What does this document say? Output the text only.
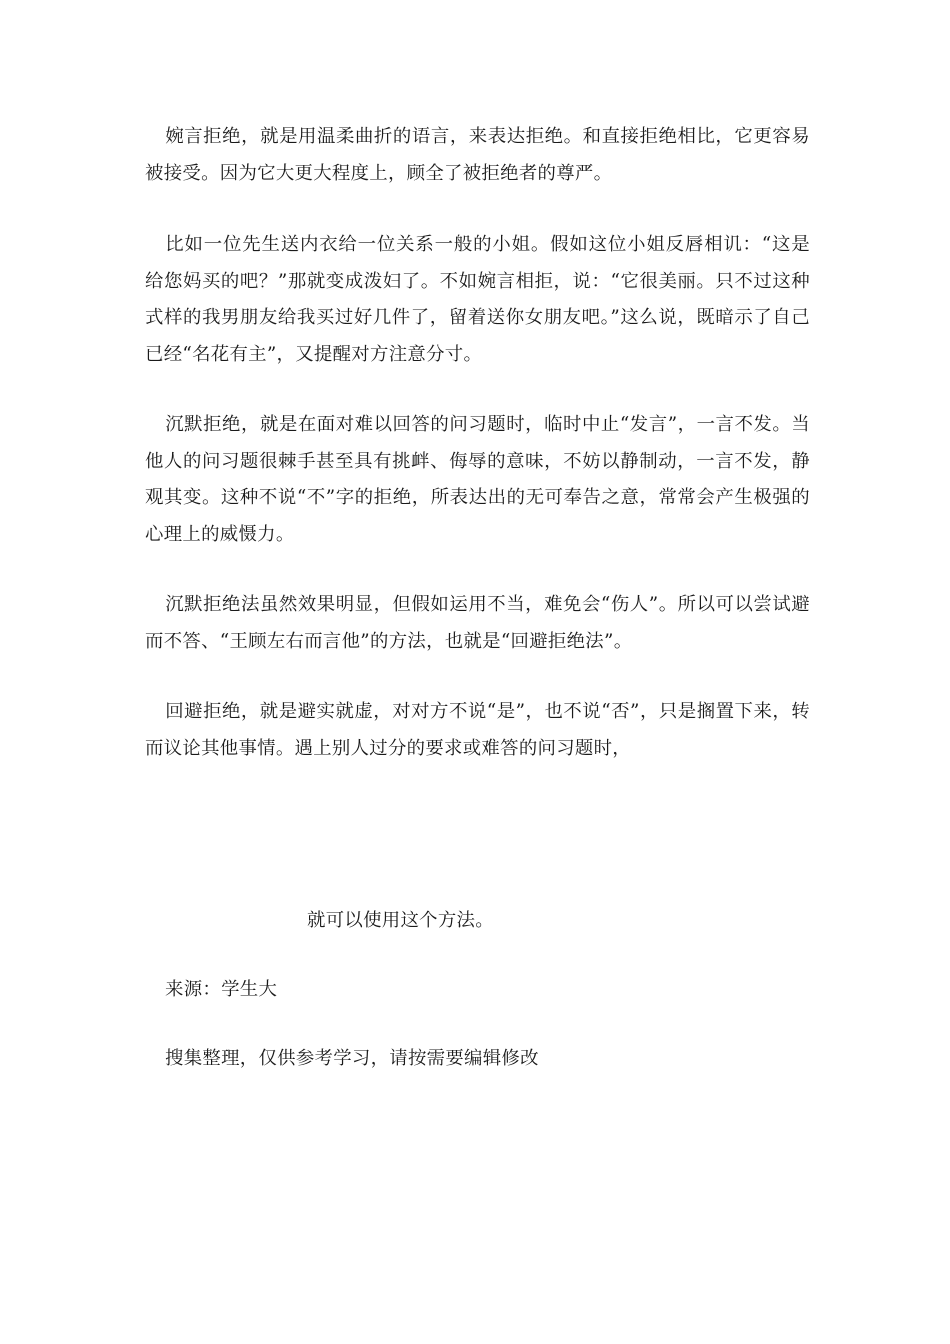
婉言拒绝，就是用温柔曲折的语言，来表达拒绝。和直接拒绝相比，它更容易被接受。因为它大更大程度上，顾全了被拒绝者的尊严。

比如一位先生送内衣给一位关系一般的小姐。假如这位小姐反唇相讥：“这是给您妈买的吧？”那就变成泼妇了。不如婉言相拒，说：“它很美丽。只不过这种式样的我男朋友给我买过好几件了，留着送你女朋友吧。”这么说，既暗示了自己已经“名花有主”，又提醒对方注意分寸。

沉默拒绝，就是在面对难以回答的问习题时，临时中止“发言”，一言不发。当他人的问习题很棘手甚至具有挑衅、侮辱的意味，不妨以静制动，一言不发，静观其变。这种不说“不”字的拒绝，所表达出的无可奉告之意，常常会产生极强的心理上的威慑力。

沉默拒绝法虽然效果明显，但假如运用不当，难免会“伤人”。所以可以尝试避而不答、“王顾左右而言他”的方法，也就是“回避拒绝法”。

回避拒绝，就是避实就虚，对对方不说“是”，也不说“否”，只是搁置下来，转而议论其他事情。遇上别人过分的要求或难答的问习题时，

就可以使用这个方法。

来源：学生大

搜集整理，仅供参考学习，请按需要编辑修改
